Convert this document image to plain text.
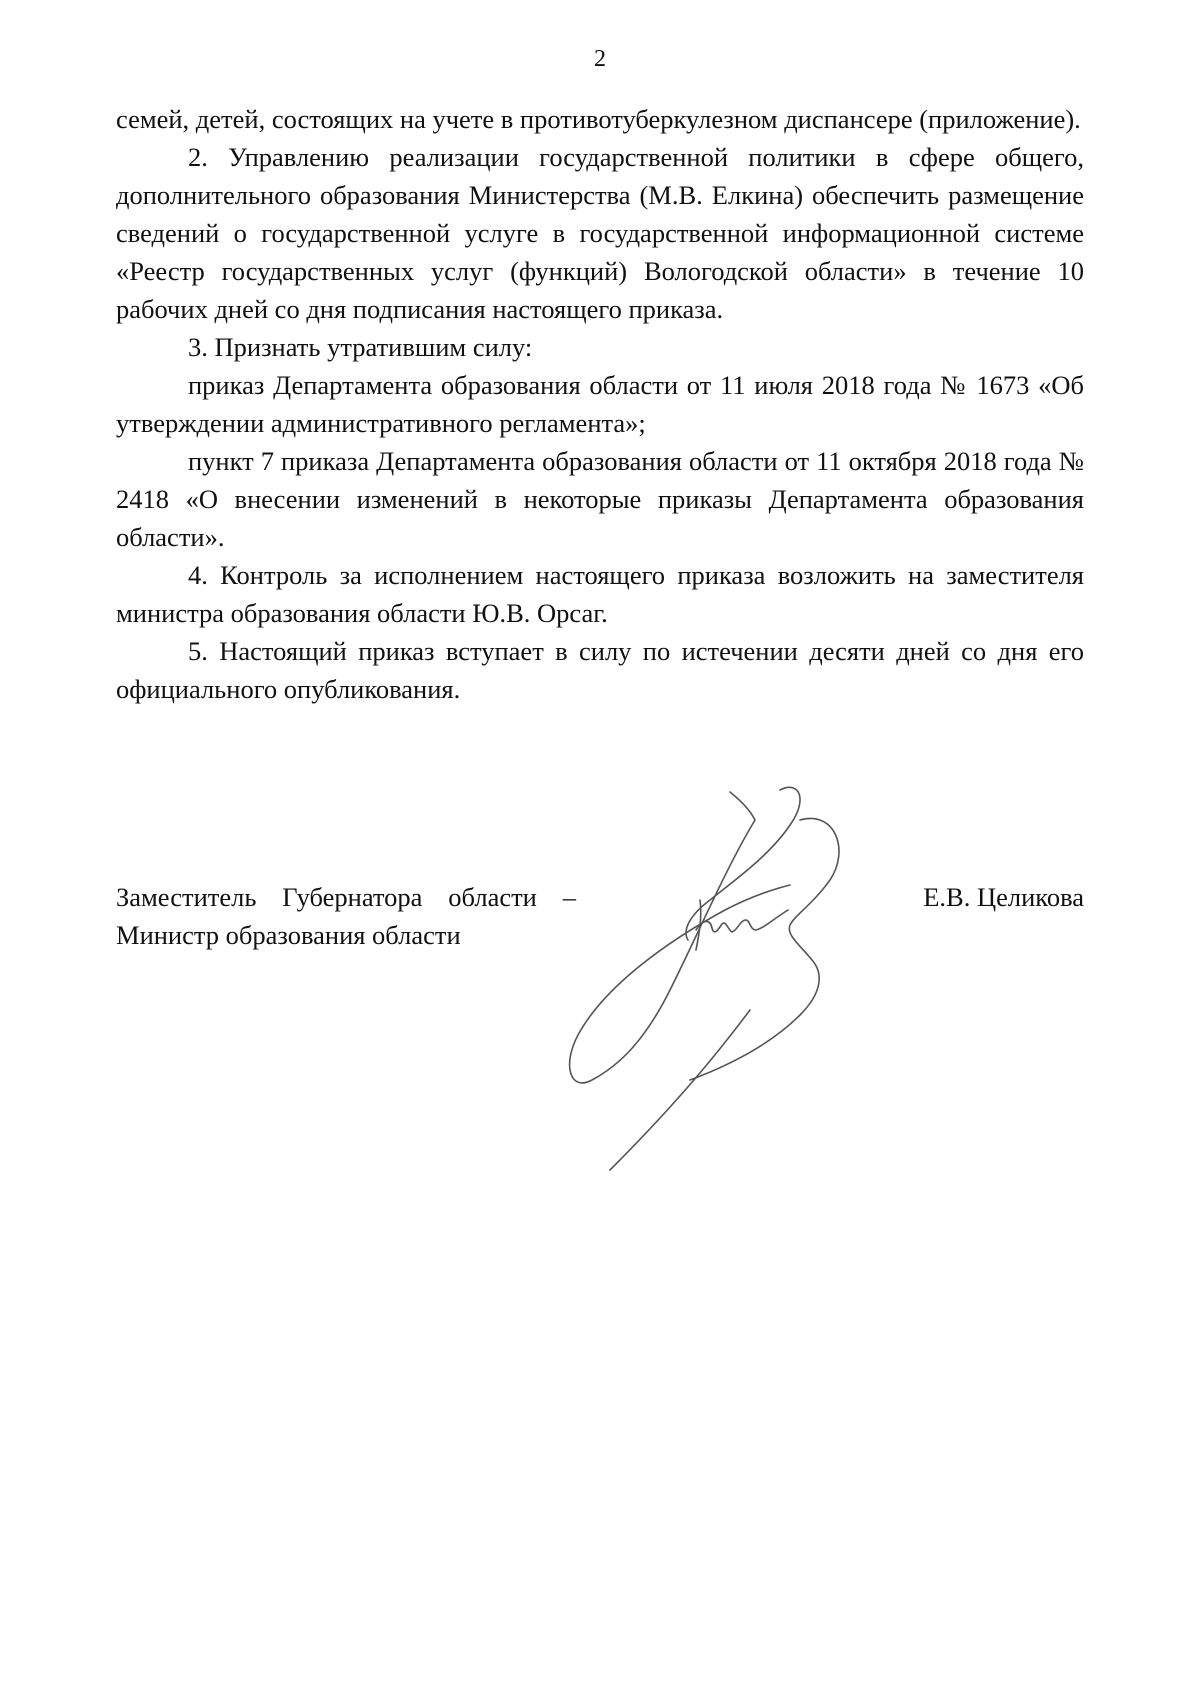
2

семей, детей, состоящих на учете в противотуберкулезном диспансере (приложение).

2. Управлению реализации государственной политики в сфере общего, дополнительного образования Министерства (М.В. Елкина) обеспечить размещение сведений о государственной услуге в государственной информационной системе «Реестр государственных услуг (функций) Вологодской области» в течение 10 рабочих дней со дня подписания настоящего приказа.

3. Признать утратившим силу:

приказ Департамента образования области от 11 июля 2018 года № 1673 «Об утверждении административного регламента»;

пункт 7 приказа Департамента образования области от 11 октября 2018 года № 2418 «О внесении изменений в некоторые приказы Департамента образования области».

4. Контроль за исполнением настоящего приказа возложить на заместителя министра образования области Ю.В. Орсаг.

5. Настоящий приказ вступает в силу по истечении десяти дней со дня его официального опубликования.

Заместитель Губернатора области –
Министр образования области
Е.В. Целикова
